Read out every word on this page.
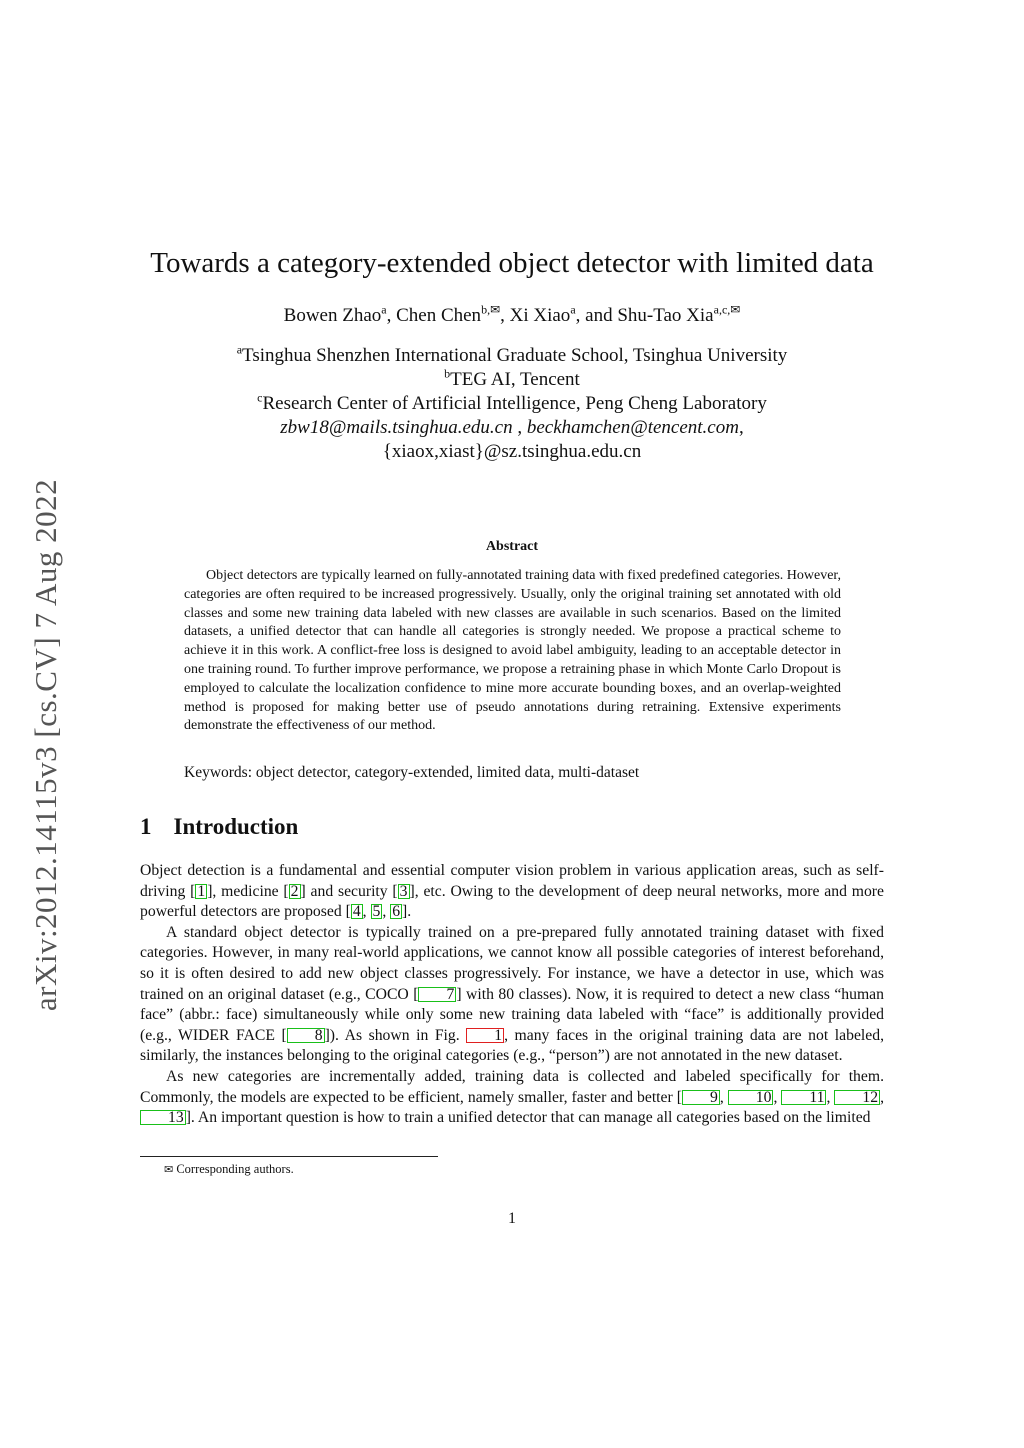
arXiv:2012.14115v3 [cs.CV] 7 Aug 2022
Towards a category-extended object detector with limited data
Bowen Zhao$^a$, Chen Chen$^{b,✉}$, Xi Xiao$^a$, and Shu-Tao Xia$^{a,c,✉}$
$^a$Tsinghua Shenzhen International Graduate School, Tsinghua University
$^b$TEG AI, Tencent
$^c$Research Center of Artificial Intelligence, Peng Cheng Laboratory
zbw18@mails.tsinghua.edu.cn , beckhamchen@tencent.com,
{xiaox,xiast}@sz.tsinghua.edu.cn
Abstract

Object detectors are typically learned on fully-annotated training data with fixed predefined categories. However, categories are often required to be increased progressively. Usually, only the original training set annotated with old classes and some new training data labeled with new classes are available in such scenarios. Based on the limited datasets, a unified detector that can handle all categories is strongly needed. We propose a practical scheme to achieve it in this work. A conflict-free loss is designed to avoid label ambiguity, leading to an acceptable detector in one training round. To further improve performance, we propose a retraining phase in which Monte Carlo Dropout is employed to calculate the localization confidence to mine more accurate bounding boxes, and an overlap-weighted method is proposed for making better use of pseudo annotations during retraining. Extensive experiments demonstrate the effectiveness of our method.

Keywords: object detector, category-extended, limited data, multi-dataset
1 Introduction

Object detection is a fundamental and essential computer vision problem in various application areas, such as self-driving [ 1 ], medicine [ 2 ] and security [ 3 ], etc. Owing to the development of deep neural networks, more and more powerful detectors are proposed [ 4 , 5 , 6 ].

A standard object detector is typically trained on a pre-prepared fully annotated training dataset with fixed categories. However, in many real-world applications, we cannot know all possible categories of interest beforehand, so it is often desired to add new object classes progressively. For instance, we have a detector in use, which was trained on an original dataset (e.g., COCO [ 7 ] with 80 classes). Now, it is required to detect a new class “human face” (abbr.: face) simultaneously while only some new training data labeled with “face” is additionally provided (e.g., WIDER FACE [ 8 ]). As shown in Fig. 1 , many faces in the original training data are not labeled, similarly, the instances belonging to the original categories (e.g., “person”) are not annotated in the new dataset.

As new categories are incrementally added, training data is collected and labeled specifically for them. Commonly, the models are expected to be efficient, namely smaller, faster and better [ 9 , 10 , 11 , 12 , 13 ]. An important question is how to train a unified detector that can manage all categories based on the limited

✉ Corresponding authors.
1
